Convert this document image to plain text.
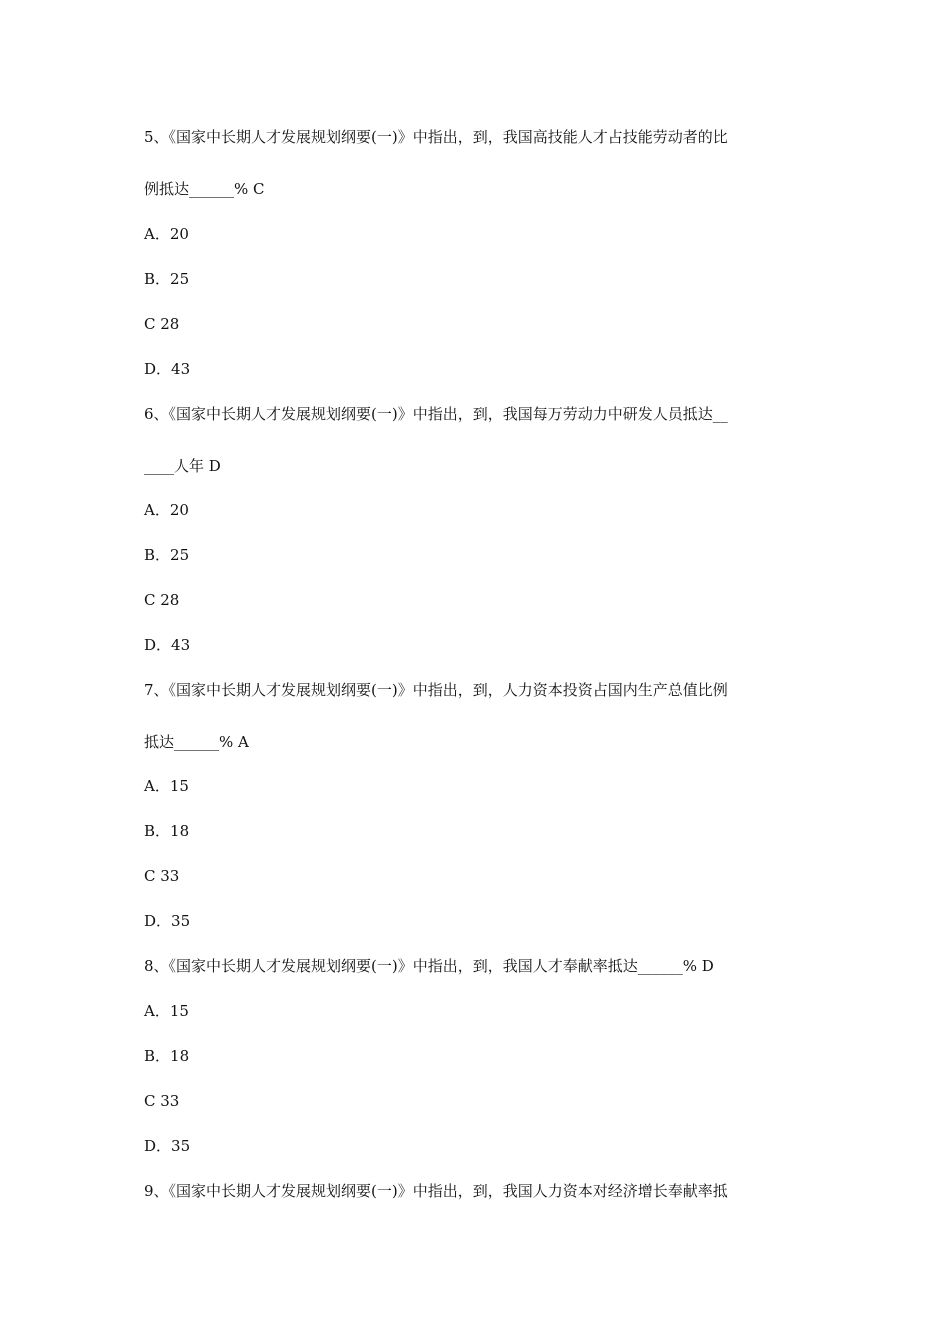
5、《国家中长期人才发展规划纲要(一)》中指出，到，我国高技能人才占技能劳动者的比
例抵达______% C
A．20
B．25
C 28
D．43
6、《国家中长期人才发展规划纲要(一)》中指出，到，我国每万劳动力中研发人员抵达__
____人年 D
A．20
B．25
C 28
D．43
7、《国家中长期人才发展规划纲要(一)》中指出，到，人力资本投资占国内生产总值比例
抵达______% A
A．15
B．18
C 33
D．35
8、《国家中长期人才发展规划纲要(一)》中指出，到，我国人才奉献率抵达______% D
A．15
B．18
C 33
D．35
9、《国家中长期人才发展规划纲要(一)》中指出，到，我国人力资本对经济增长奉献率抵
